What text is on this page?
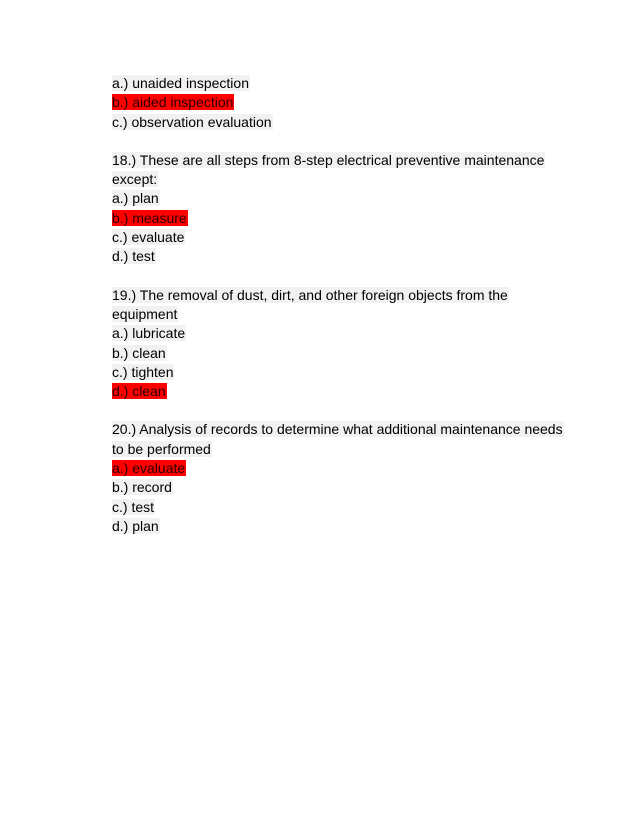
a.) unaided inspection
b.) aided inspection
c.) observation evaluation
18.) These are all steps from 8-step electrical preventive maintenance
except:
a.) plan
b.) measure
c.) evaluate
d.) test
19.) The removal of dust, dirt, and other foreign objects from the
equipment
a.) lubricate
b.) clean
c.) tighten
d.) clean
20.) Analysis of records to determine what additional maintenance needs
to be performed
a.) evaluate
b.) record
c.) test
d.) plan
